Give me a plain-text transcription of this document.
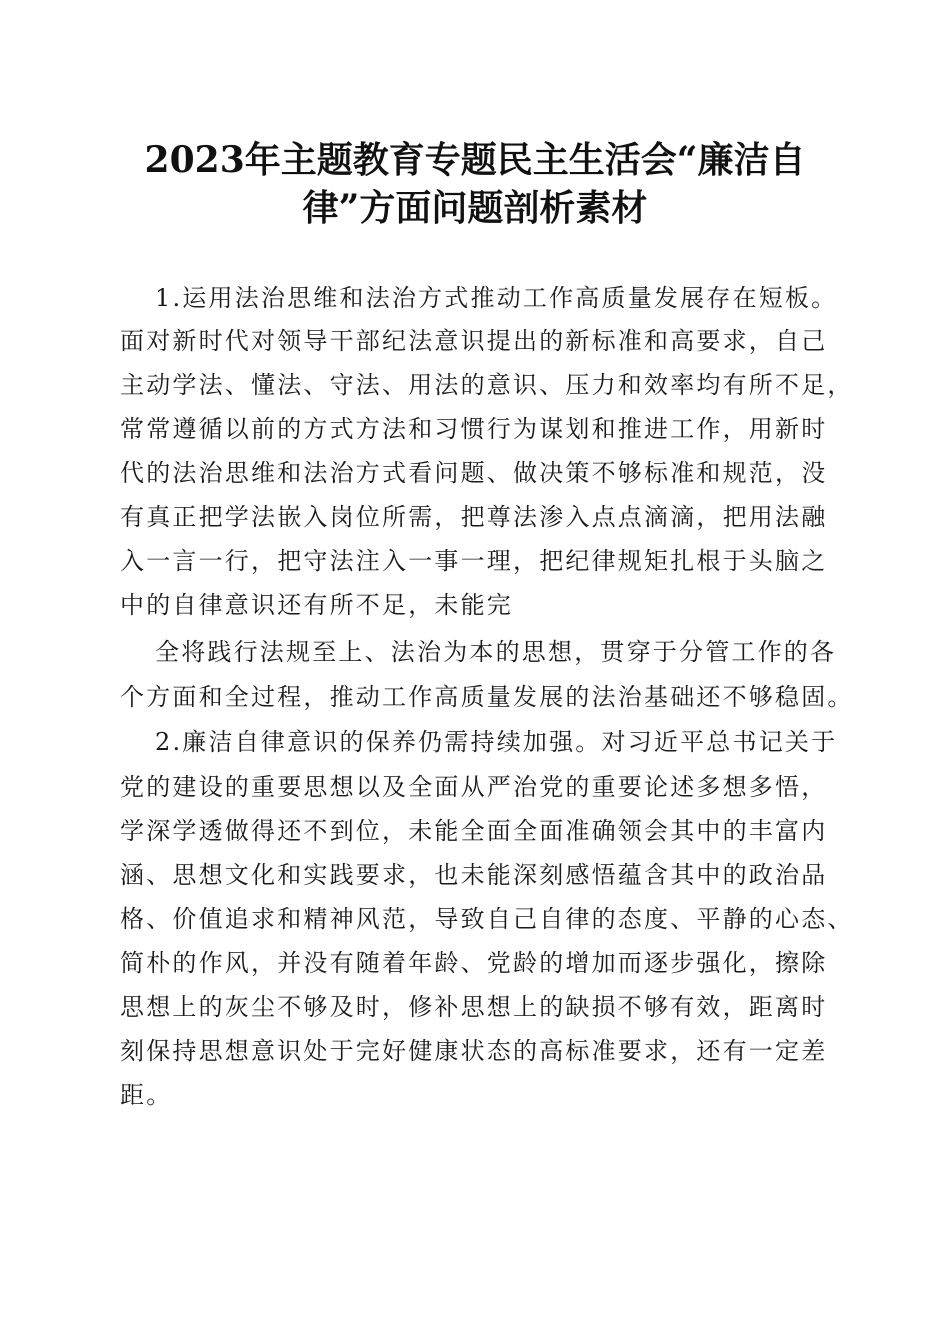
2023年主题教育专题民主生活会“廉洁自
律”方面问题剖析素材
1.运用法治思维和法治方式推动工作高质量发展存在短板。
面对新时代对领导干部纪法意识提出的新标准和高要求，自己
主动学法、懂法、守法、用法的意识、压力和效率均有所不足，
常常遵循以前的方式方法和习惯行为谋划和推进工作，用新时
代的法治思维和法治方式看问题、做决策不够标准和规范，没
有真正把学法嵌入岗位所需，把尊法渗入点点滴滴，把用法融
入一言一行，把守法注入一事一理，把纪律规矩扎根于头脑之
中的自律意识还有所不足，未能完
全将践行法规至上、法治为本的思想，贯穿于分管工作的各
个方面和全过程，推动工作高质量发展的法治基础还不够稳固。
2.廉洁自律意识的保养仍需持续加强。对习近平总书记关于
党的建设的重要思想以及全面从严治党的重要论述多想多悟，
学深学透做得还不到位，未能全面全面准确领会其中的丰富内
涵、思想文化和实践要求，也未能深刻感悟蕴含其中的政治品
格、价值追求和精神风范，导致自己自律的态度、平静的心态、
简朴的作风，并没有随着年龄、党龄的增加而逐步强化，擦除
思想上的灰尘不够及时，修补思想上的缺损不够有效，距离时
刻保持思想意识处于完好健康状态的高标准要求，还有一定差
距。
